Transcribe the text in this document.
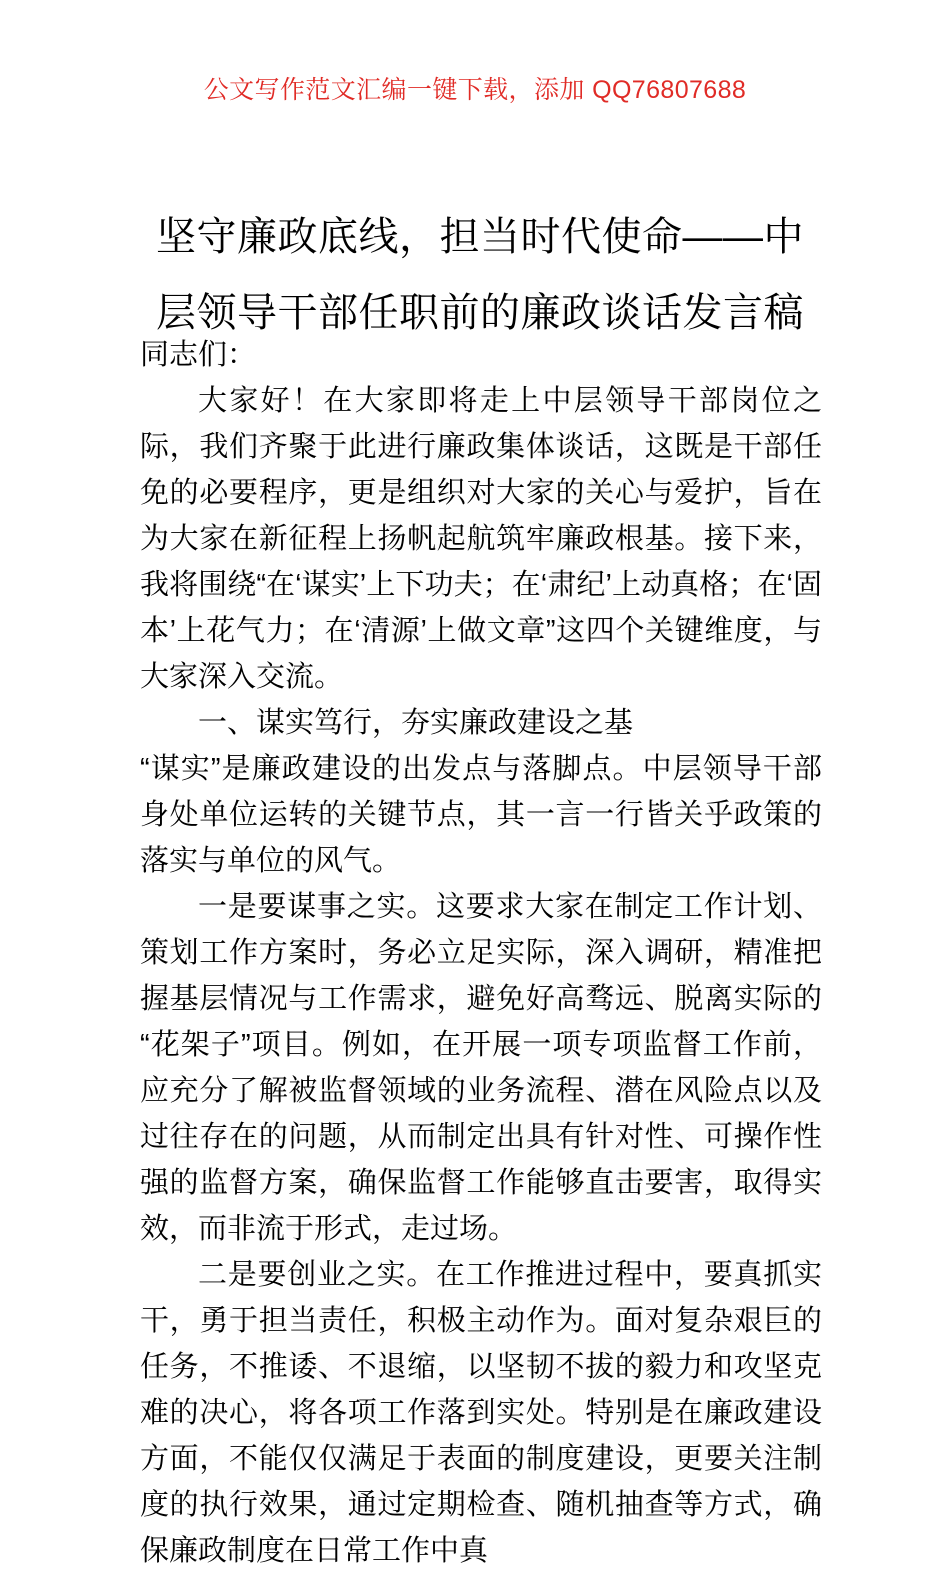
公文写作范文汇编一键下载，添加 QQ76807688
坚守廉政底线，担当时代使命——中层领导干部任职前的廉政谈话发言稿

同志们：

大家好！在大家即将走上中层领导干部岗位之际，我们齐聚于此进行廉政集体谈话，这既是干部任免的必要程序，更是组织对大家的关心与爱护，旨在为大家在新征程上扬帆起航筑牢廉政根基。接下来，我将围绕“在‘谋实’上下功夫；在‘肃纪’上动真格；在‘固本’上花气力；在‘清源’上做文章”这四个关键维度，与大家深入交流。

一、谋实笃行，夯实廉政建设之基

“谋实”是廉政建设的出发点与落脚点。中层领导干部身处单位运转的关键节点，其一言一行皆关乎政策的落实与单位的风气。

一是要谋事之实。这要求大家在制定工作计划、策划工作方案时，务必立足实际，深入调研，精准把握基层情况与工作需求，避免好高骛远、脱离实际的“花架子”项目。例如，在开展一项专项监督工作前，应充分了解被监督领域的业务流程、潜在风险点以及过往存在的问题，从而制定出具有针对性、可操作性强的监督方案，确保监督工作能够直击要害，取得实效，而非流于形式，走过场。

二是要创业之实。在工作推进过程中，要真抓实干，勇于担当责任，积极主动作为。面对复杂艰巨的任务，不推诿、不退缩，以坚韧不拔的毅力和攻坚克难的决心，将各项工作落到实处。特别是在廉政建设方面，不能仅仅满足于表面的制度建设，更要关注制度的执行效果，通过定期检查、随机抽查等方式，确保廉政制度在日常工作中真
